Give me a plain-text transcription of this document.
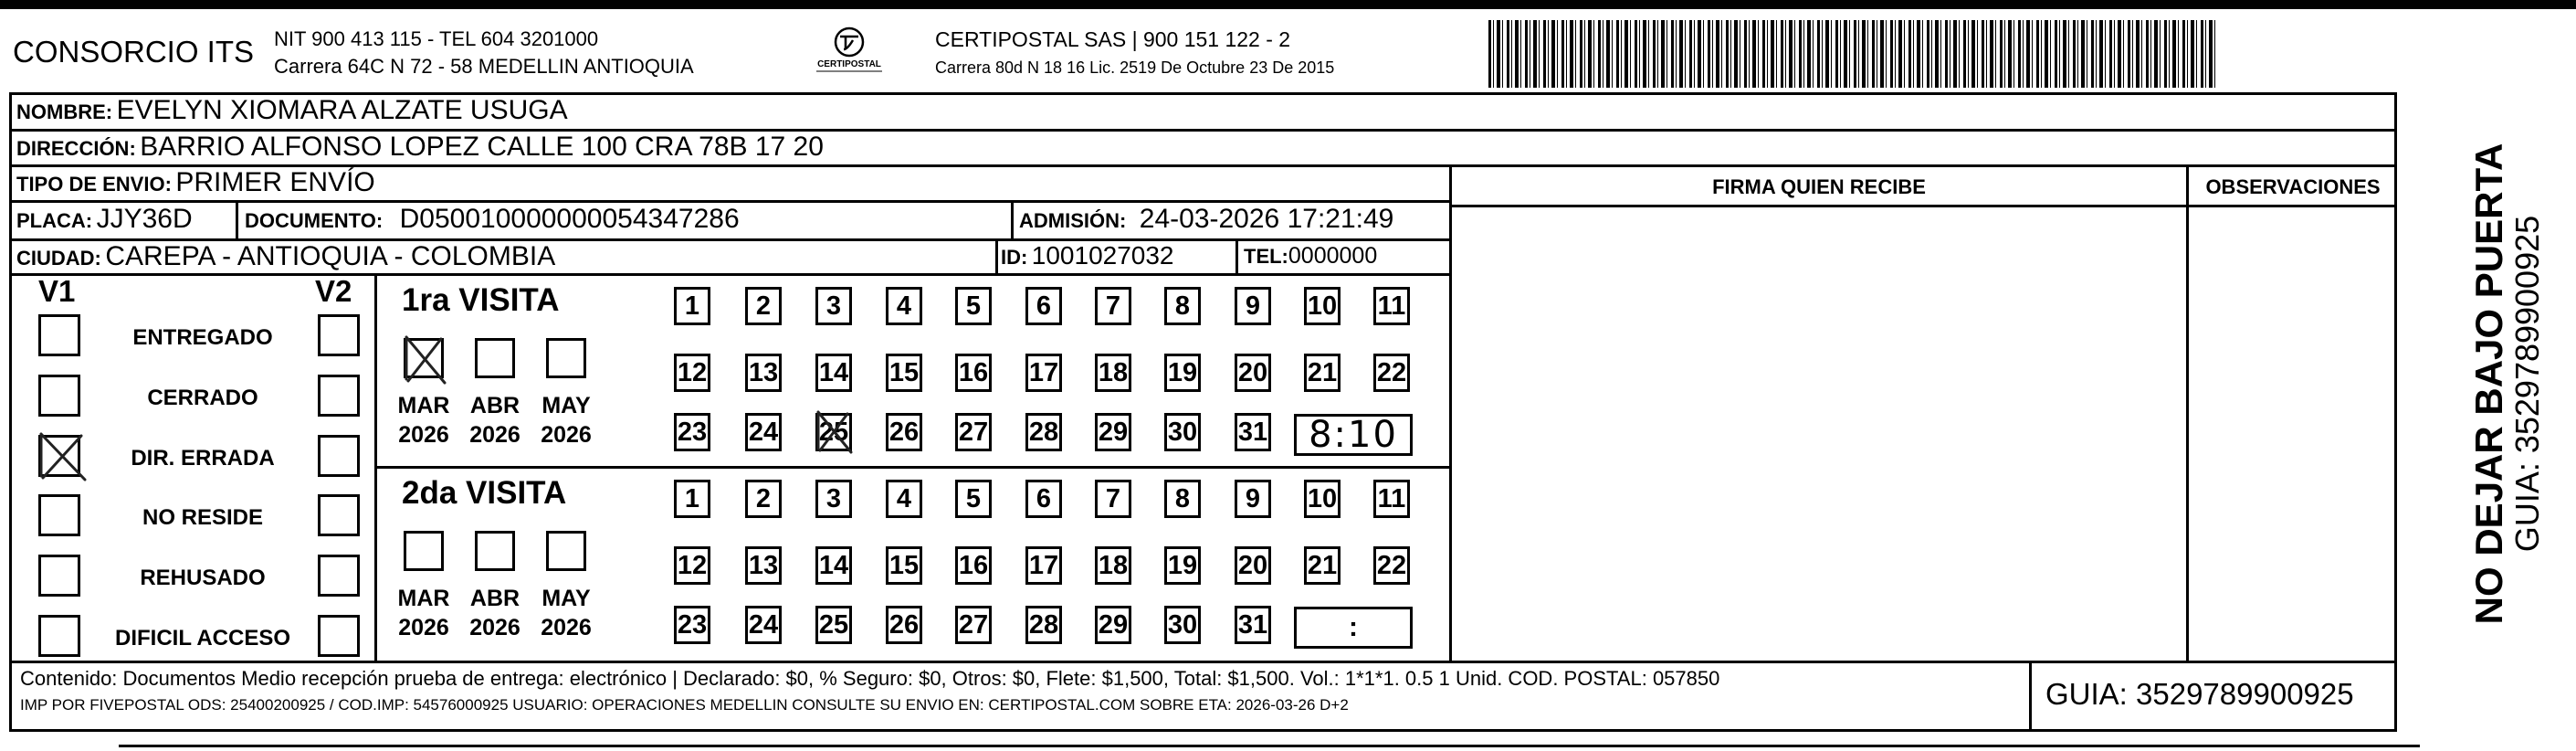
CONSORCIO ITS NIT 900 413 115 - TEL 604 3201000
Carrera 64C N 72 - 58 MEDELLIN ANTIOQUIA	CERTIPOSTAL
CERTIPOSTAL SAS | 900 151 122 - 2
Carrera 80d N 18 16 Lic. 2519 De Octubre 23 De 2015
NOMBRE: EVELYN XIOMARA ALZATE USUGA
DIRECCIÓN: BARRIO ALFONSO LOPEZ CALLE 100 CRA 78B 17 20
TIPO DE ENVIO: PRIMER ENVÍO	FIRMA QUIEN RECIBE	OBSERVACIONES
PLACA: JJY36D	DOCUMENTO: D050010000000054347286	ADMISIÓN: 24-03-2026 17:21:49
CIUDAD: CAREPA - ANTIOQUIA - COLOMBIA	ID: 1001027032	TEL:0000000
V1	V2
ENTREGADO
CERRADO
DIR. ERRADA
NO RESIDE
REHUSADO
DIFICIL ACCESO
1ra VISITA
MAR
2026
ABR
2026
MAY
2026
1 2 3 4 5 6 7 8 9 10 11
12 13 14 15 16 17 18 19 20 21 22
23 24 25 26 27 28 29 30 31	8:10
2da VISITA
MAR
2026
ABR
2026
MAY
2026
1 2 3 4 5 6 7 8 9 10 11
12 13 14 15 16 17 18 19 20 21 22
23 24 25 26 27 28 29 30 31	:
Contenido: Documentos Medio recepción prueba de entrega: electrónico | Declarado: $0, % Seguro: $0, Otros: $0, Flete: $1,500, Total: $1,500. Vol.: 1*1*1. 0.5 1 Unid. COD. POSTAL: 057850
IMP POR FIVEPOSTAL ODS: 25400200925 / COD.IMP: 54576000925 USUARIO: OPERACIONES MEDELLIN CONSULTE SU ENVIO EN: CERTIPOSTAL.COM SOBRE ETA: 2026-03-26 D+2	GUIA: 3529789900925
NO DEJAR BAJO PUERTA
GUIA: 3529789900925
